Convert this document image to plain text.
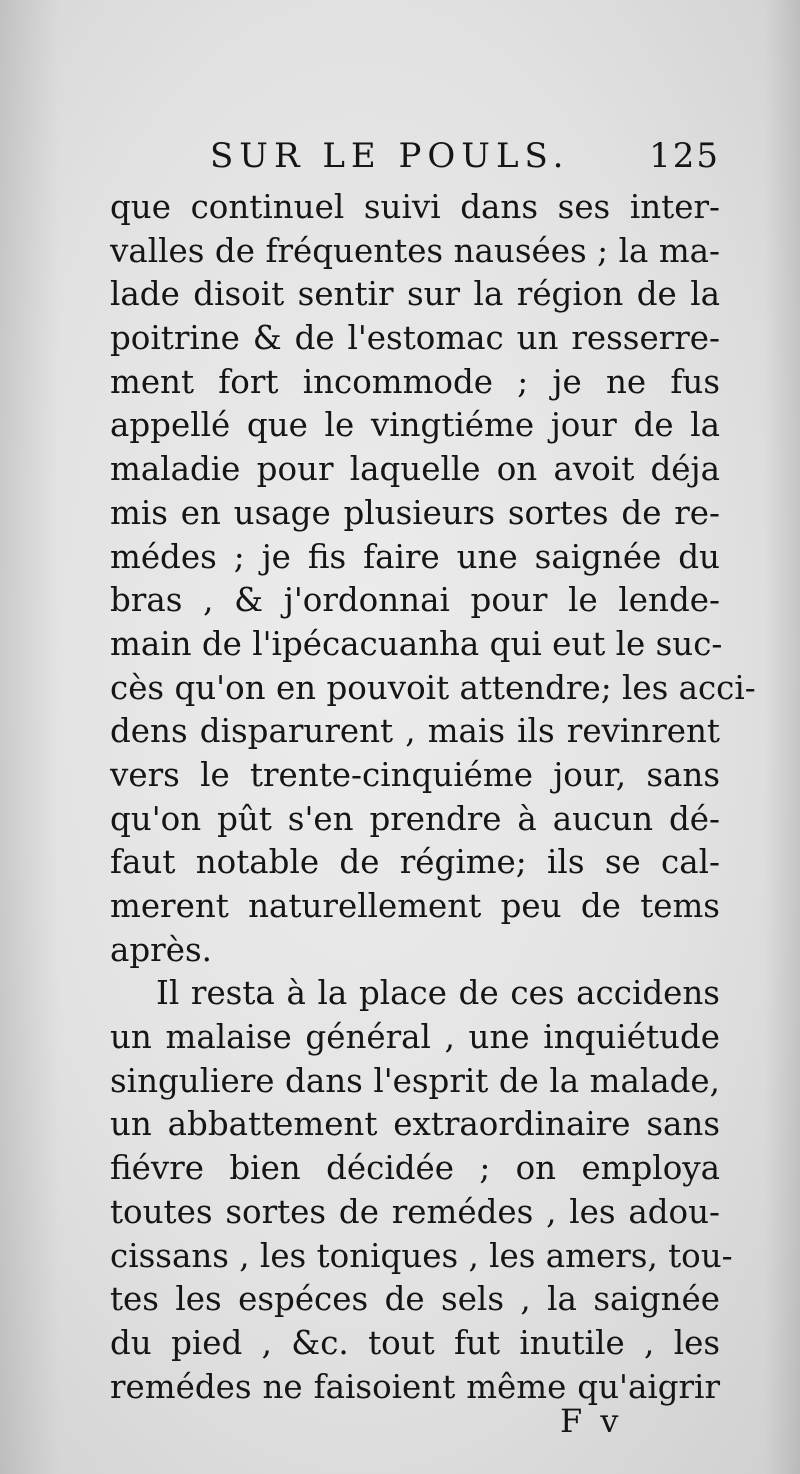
SUR LE POULS. 125
que continuel suivi dans ses inter-
valles de fréquentes nausées ; la ma-
lade disoit sentir sur la région de la
poitrine & de l'estomac un resserre-
ment fort incommode ; je ne fus
appellé que le vingtiéme jour de la
maladie pour laquelle on avoit déja
mis en usage plusieurs sortes de re-
médes ; je fis faire une saignée du
bras , & j'ordonnai pour le lende-
main de l'ipécacuanha qui eut le suc-
cès qu'on en pouvoit attendre; les acci-
dens disparurent , mais ils revinrent
vers le trente-cinquiéme jour, sans
qu'on pût s'en prendre à aucun dé-
faut notable de régime; ils se cal-
merent naturellement peu de tems
après.
Il resta à la place de ces accidens
un malaise général , une inquiétude
singuliere dans l'esprit de la malade,
un abbattement extraordinaire sans
fiévre bien décidée ; on employa
toutes sortes de remédes , les adou-
cissans , les toniques , les amers, tou-
tes les espéces de sels , la saignée
du pied , &c. tout fut inutile , les
remédes ne faisoient même qu'aigrir
F v
